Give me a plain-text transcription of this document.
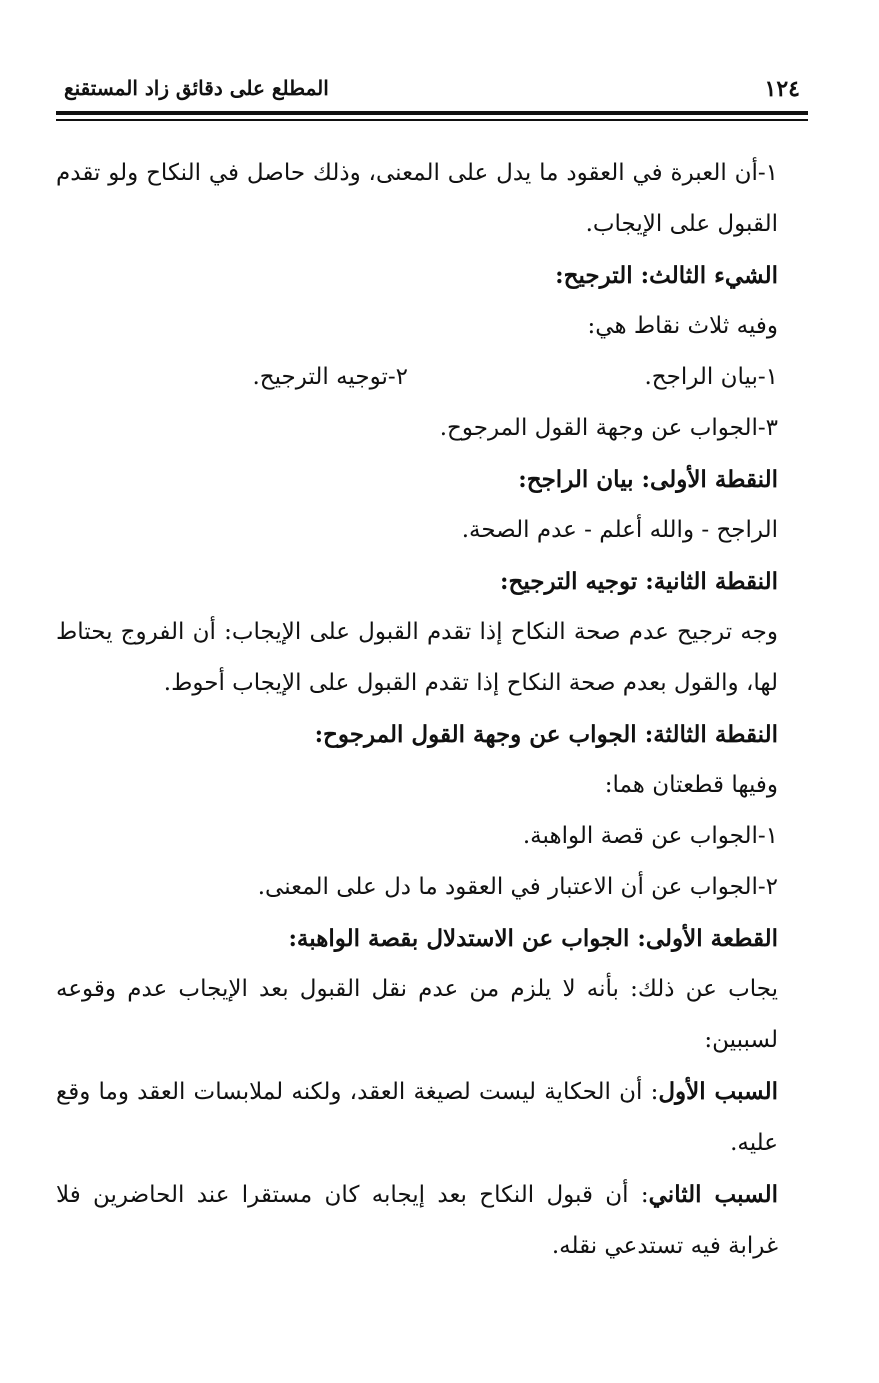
١٢٤
المطلع على دقائق زاد المستقنع

١-أن العبرة في العقود ما يدل على المعنى، وذلك حاصل في النكاح ولو تقدم القبول على الإيجاب.

الشيء الثالث: الترجيح:

وفيه ثلاث نقاط هي:

١-بيان الراجح.
٢-توجيه الترجيح.

٣-الجواب عن وجهة القول المرجوح.

النقطة الأولى: بيان الراجح:

الراجح - والله أعلم - عدم الصحة.

النقطة الثانية: توجيه الترجيح:

وجه ترجيح عدم صحة النكاح إذا تقدم القبول على الإيجاب: أن الفروج يحتاط لها، والقول بعدم صحة النكاح إذا تقدم القبول على الإيجاب أحوط.

النقطة الثالثة: الجواب عن وجهة القول المرجوح:

وفيها قطعتان هما:

١-الجواب عن قصة الواهبة.

٢-الجواب عن أن الاعتبار في العقود ما دل على المعنى.

القطعة الأولى: الجواب عن الاستدلال بقصة الواهبة:

يجاب عن ذلك: بأنه لا يلزم من عدم نقل القبول بعد الإيجاب عدم وقوعه لسببين:

السبب الأول: أن الحكاية ليست لصيغة العقد، ولكنه لملابسات العقد وما وقع عليه.

السبب الثاني: أن قبول النكاح بعد إيجابه كان مستقرا عند الحاضرين فلا غرابة فيه تستدعي نقله.
